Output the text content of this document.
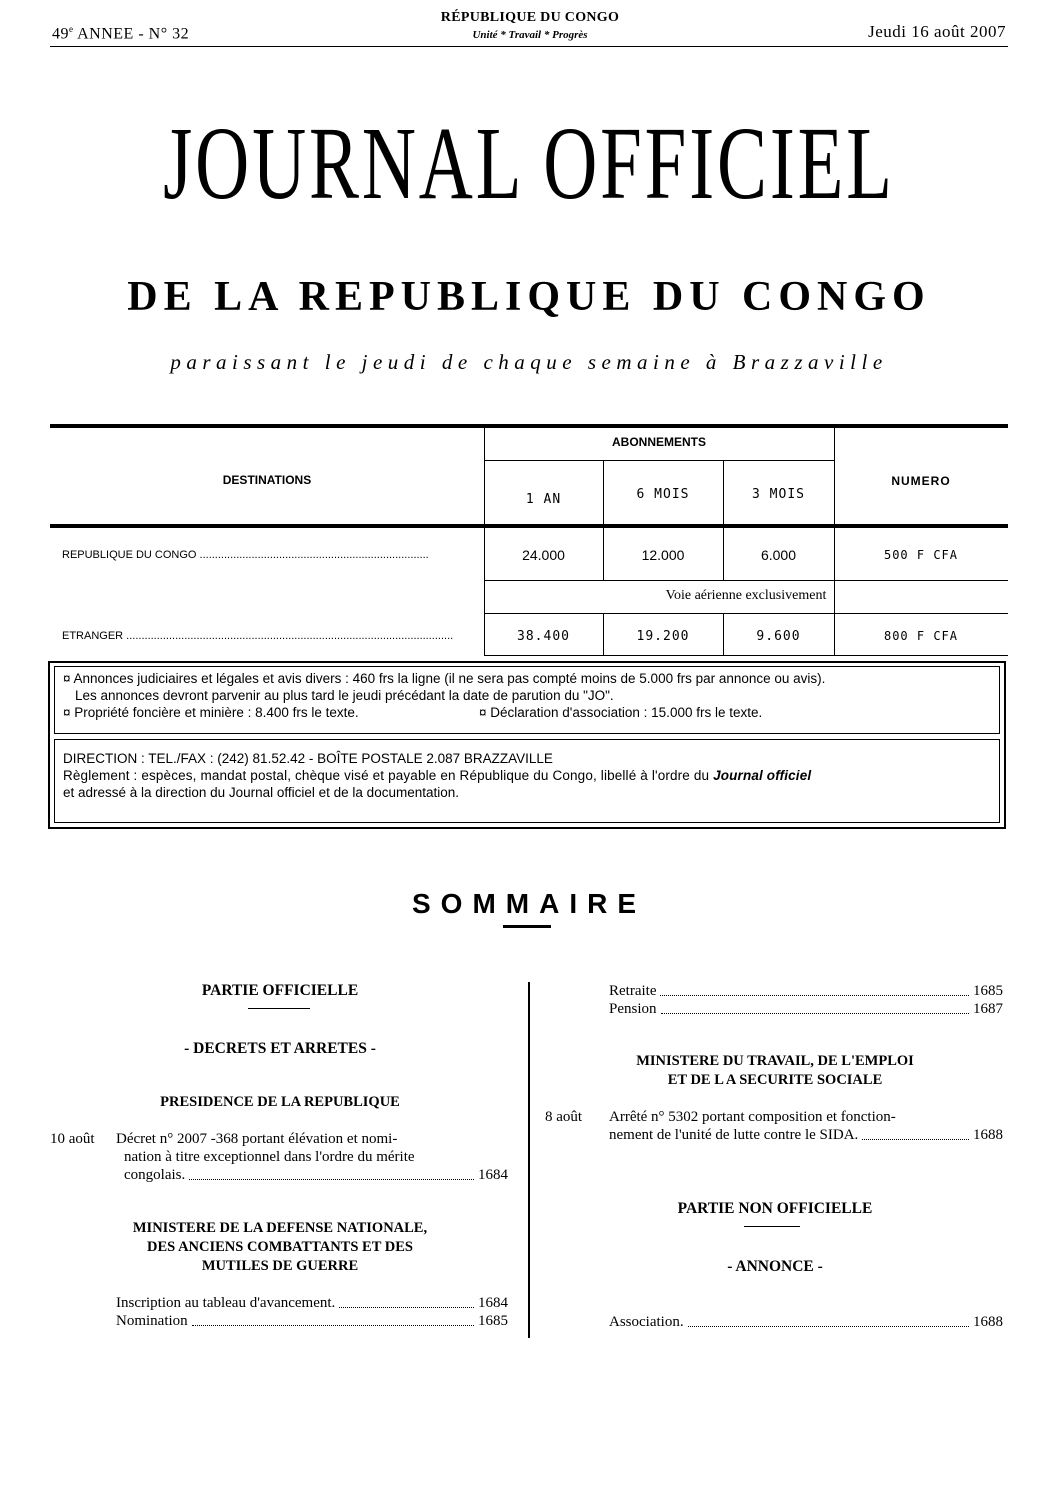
49e ANNEE - N° 32
RÉPUBLIQUE DU CONGO
Unité * Travail * Progrès	Jeudi 16 août 2007
JOURNAL OFFICIEL
DE LA REPUBLIQUE DU CONGO
paraissant le jeudi de chaque semaine à Brazzaville
DESTINATIONS
ABONNEMENTS
NUMERO
1 AN	6 MOIS	3 MOIS
REPUBLIQUE DU CONGO ...........................................................................	24.000	12.000	6.000	500 F CFA
Voie aérienne exclusivement
ETRANGER ...........................................................................................................	38.400	19.200	9.600	800 F CFA

¤ Annonces judiciaires et légales et avis divers : 460 frs la ligne (il ne sera pas compté moins de 5.000 frs par annonce ou avis).

Les annonces devront parvenir au plus tard le jeudi précédant la date de parution du "JO".

¤ Propriété foncière et minière : 8.400 frs le texte.	¤ Déclaration d'association : 15.000 frs le texte.

DIRECTION : TEL./FAX : (242) 81.52.42 - BOÎTE POSTALE 2.087 BRAZZAVILLE

Règlement : espèces, mandat postal, chèque visé et payable en République du Congo, libellé à l'ordre du Journal officiel

et adressé à la direction du Journal officiel et de la documentation.

SOMMAIRE
PARTIE OFFICIELLE
- DECRETS ET ARRETES -
PRESIDENCE DE LA REPUBLIQUE
10 août Décret n° 2007 -368 portant élévation et nomi-
nation à titre exceptionnel dans l'ordre du mérite
congolais.	1684
MINISTERE DE LA DEFENSE NATIONALE,
DES ANCIENS COMBATTANTS ET DES
MUTILES DE GUERRE
Inscription au tableau d'avancement.	1684
Nomination	1685
Retraite	1685
Pension	1687
MINISTERE DU TRAVAIL, DE L'EMPLOI
ET DE L A SECURITE SOCIALE
8 août Arrêté n° 5302 portant composition et fonction-
nement de l'unité de lutte contre le SIDA.	1688
PARTIE NON OFFICIELLE
- ANNONCE -
Association.	1688
